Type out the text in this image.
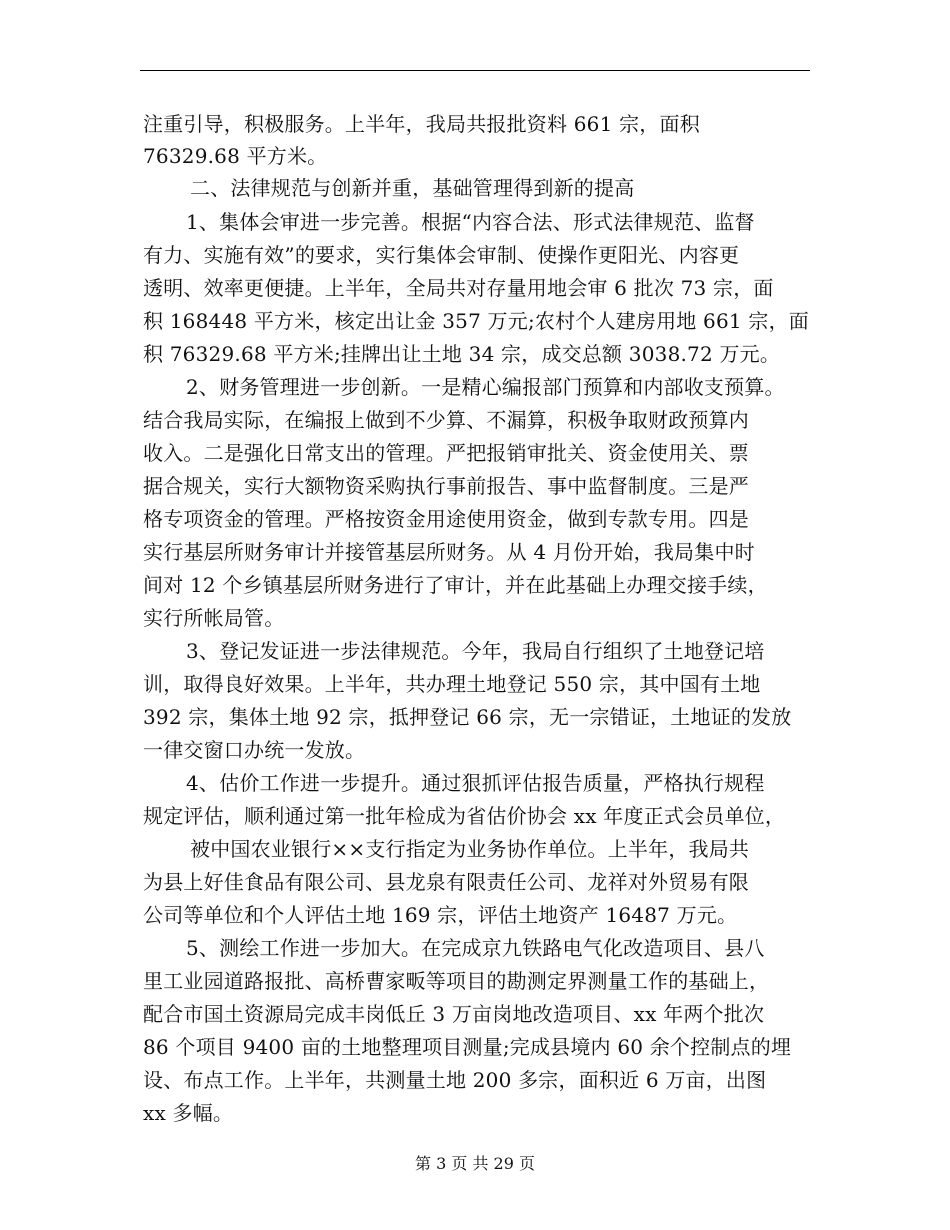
注重引导，积极服务。上半年，我局共报批资料 661 宗，面积
76329.68 平方米。
二、法律规范与创新并重，基础管理得到新的提高
1、集体会审进一步完善。根据“内容合法、形式法律规范、监督
有力、实施有效”的要求，实行集体会审制、使操作更阳光、内容更
透明、效率更便捷。上半年，全局共对存量用地会审 6 批次 73 宗，面
积 168448 平方米，核定出让金 357 万元;农村个人建房用地 661 宗，面
积 76329.68 平方米;挂牌出让土地 34 宗，成交总额 3038.72 万元。
2、财务管理进一步创新。一是精心编报部门预算和内部收支预算。
结合我局实际，在编报上做到不少算、不漏算，积极争取财政预算内
收入。二是强化日常支出的管理。严把报销审批关、资金使用关、票
据合规关，实行大额物资采购执行事前报告、事中监督制度。三是严
格专项资金的管理。严格按资金用途使用资金，做到专款专用。四是
实行基层所财务审计并接管基层所财务。从 4 月份开始，我局集中时
间对 12 个乡镇基层所财务进行了审计，并在此基础上办理交接手续，
实行所帐局管。
3、登记发证进一步法律规范。今年，我局自行组织了土地登记培
训，取得良好效果。上半年，共办理土地登记 550 宗，其中国有土地
392 宗，集体土地 92 宗，抵押登记 66 宗，无一宗错证，土地证的发放
一律交窗口办统一发放。
4、估价工作进一步提升。通过狠抓评估报告质量，严格执行规程
规定评估，顺利通过第一批年检成为省估价协会 xx 年度正式会员单位，
被中国农业银行××支行指定为业务协作单位。上半年，我局共
为县上好佳食品有限公司、县龙泉有限责任公司、龙祥对外贸易有限
公司等单位和个人评估土地 169 宗，评估土地资产 16487 万元。
5、测绘工作进一步加大。在完成京九铁路电气化改造项目、县八
里工业园道路报批、高桥曹家畈等项目的勘测定界测量工作的基础上，
配合市国土资源局完成丰岗低丘 3 万亩岗地改造项目、xx 年两个批次
86 个项目 9400 亩的土地整理项目测量;完成县境内 60 余个控制点的埋
设、布点工作。上半年，共测量土地 200 多宗，面积近 6 万亩，出图
xx 多幅。
第 3 页 共 29 页
